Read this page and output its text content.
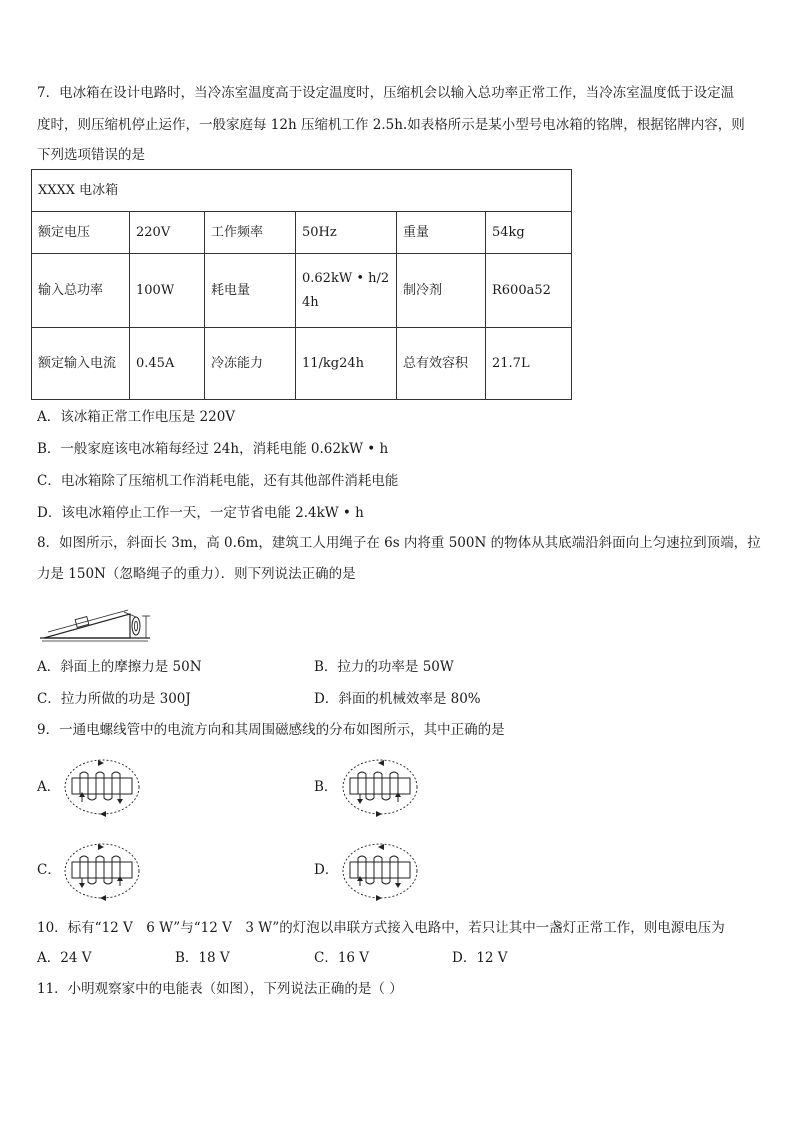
7．电冰箱在设计电路时，当冷冻室温度高于设定温度时，压缩机会以输入总功率正常工作，当冷冻室温度低于设定温
度时，则压缩机停止运作，一般家庭每 12h 压缩机工作 2.5h.如表格所示是某小型号电冰箱的铭牌，根据铭牌内容，则
下列选项错误的是
XXXX 电冰箱					
额定电压	220V	工作频率	50Hz	重量	54kg
输入总功率	100W	耗电量	0.62kW • h/24h	制冷剂	R600a52
额定输入电流	0.45A	冷冻能力	11/kg24h	总有效容积	21.7L
A．该冰箱正常工作电压是 220V
B．一般家庭该电冰箱每经过 24h，消耗电能 0.62kW • h
C．电冰箱除了压缩机工作消耗电能，还有其他部件消耗电能
D．该电冰箱停止工作一天，一定节省电能 2.4kW • h
8．如图所示，斜面长 3m，高 0.6m，建筑工人用绳子在 6s 内将重 500N 的物体从其底端沿斜面向上匀速拉到顶端，拉
力是 150N（忽略绳子的重力）．则下列说法正确的是
A．斜面上的摩擦力是 50N	B．拉力的功率是 50W
C．拉力所做的功是 300J	D．斜面的机械效率是 80%
9．一通电螺线管中的电流方向和其周围磁感线的分布如图所示，其中正确的是
A．	B．
C．	D．
10．标有“12 V　6 W”与“12 V　3 W”的灯泡以串联方式接入电路中，若只让其中一盏灯正常工作，则电源电压为
A．24 V	B．18 V	C．16 V	D．12 V
11．小明观察家中的电能表（如图），下列说法正确的是（ ）
